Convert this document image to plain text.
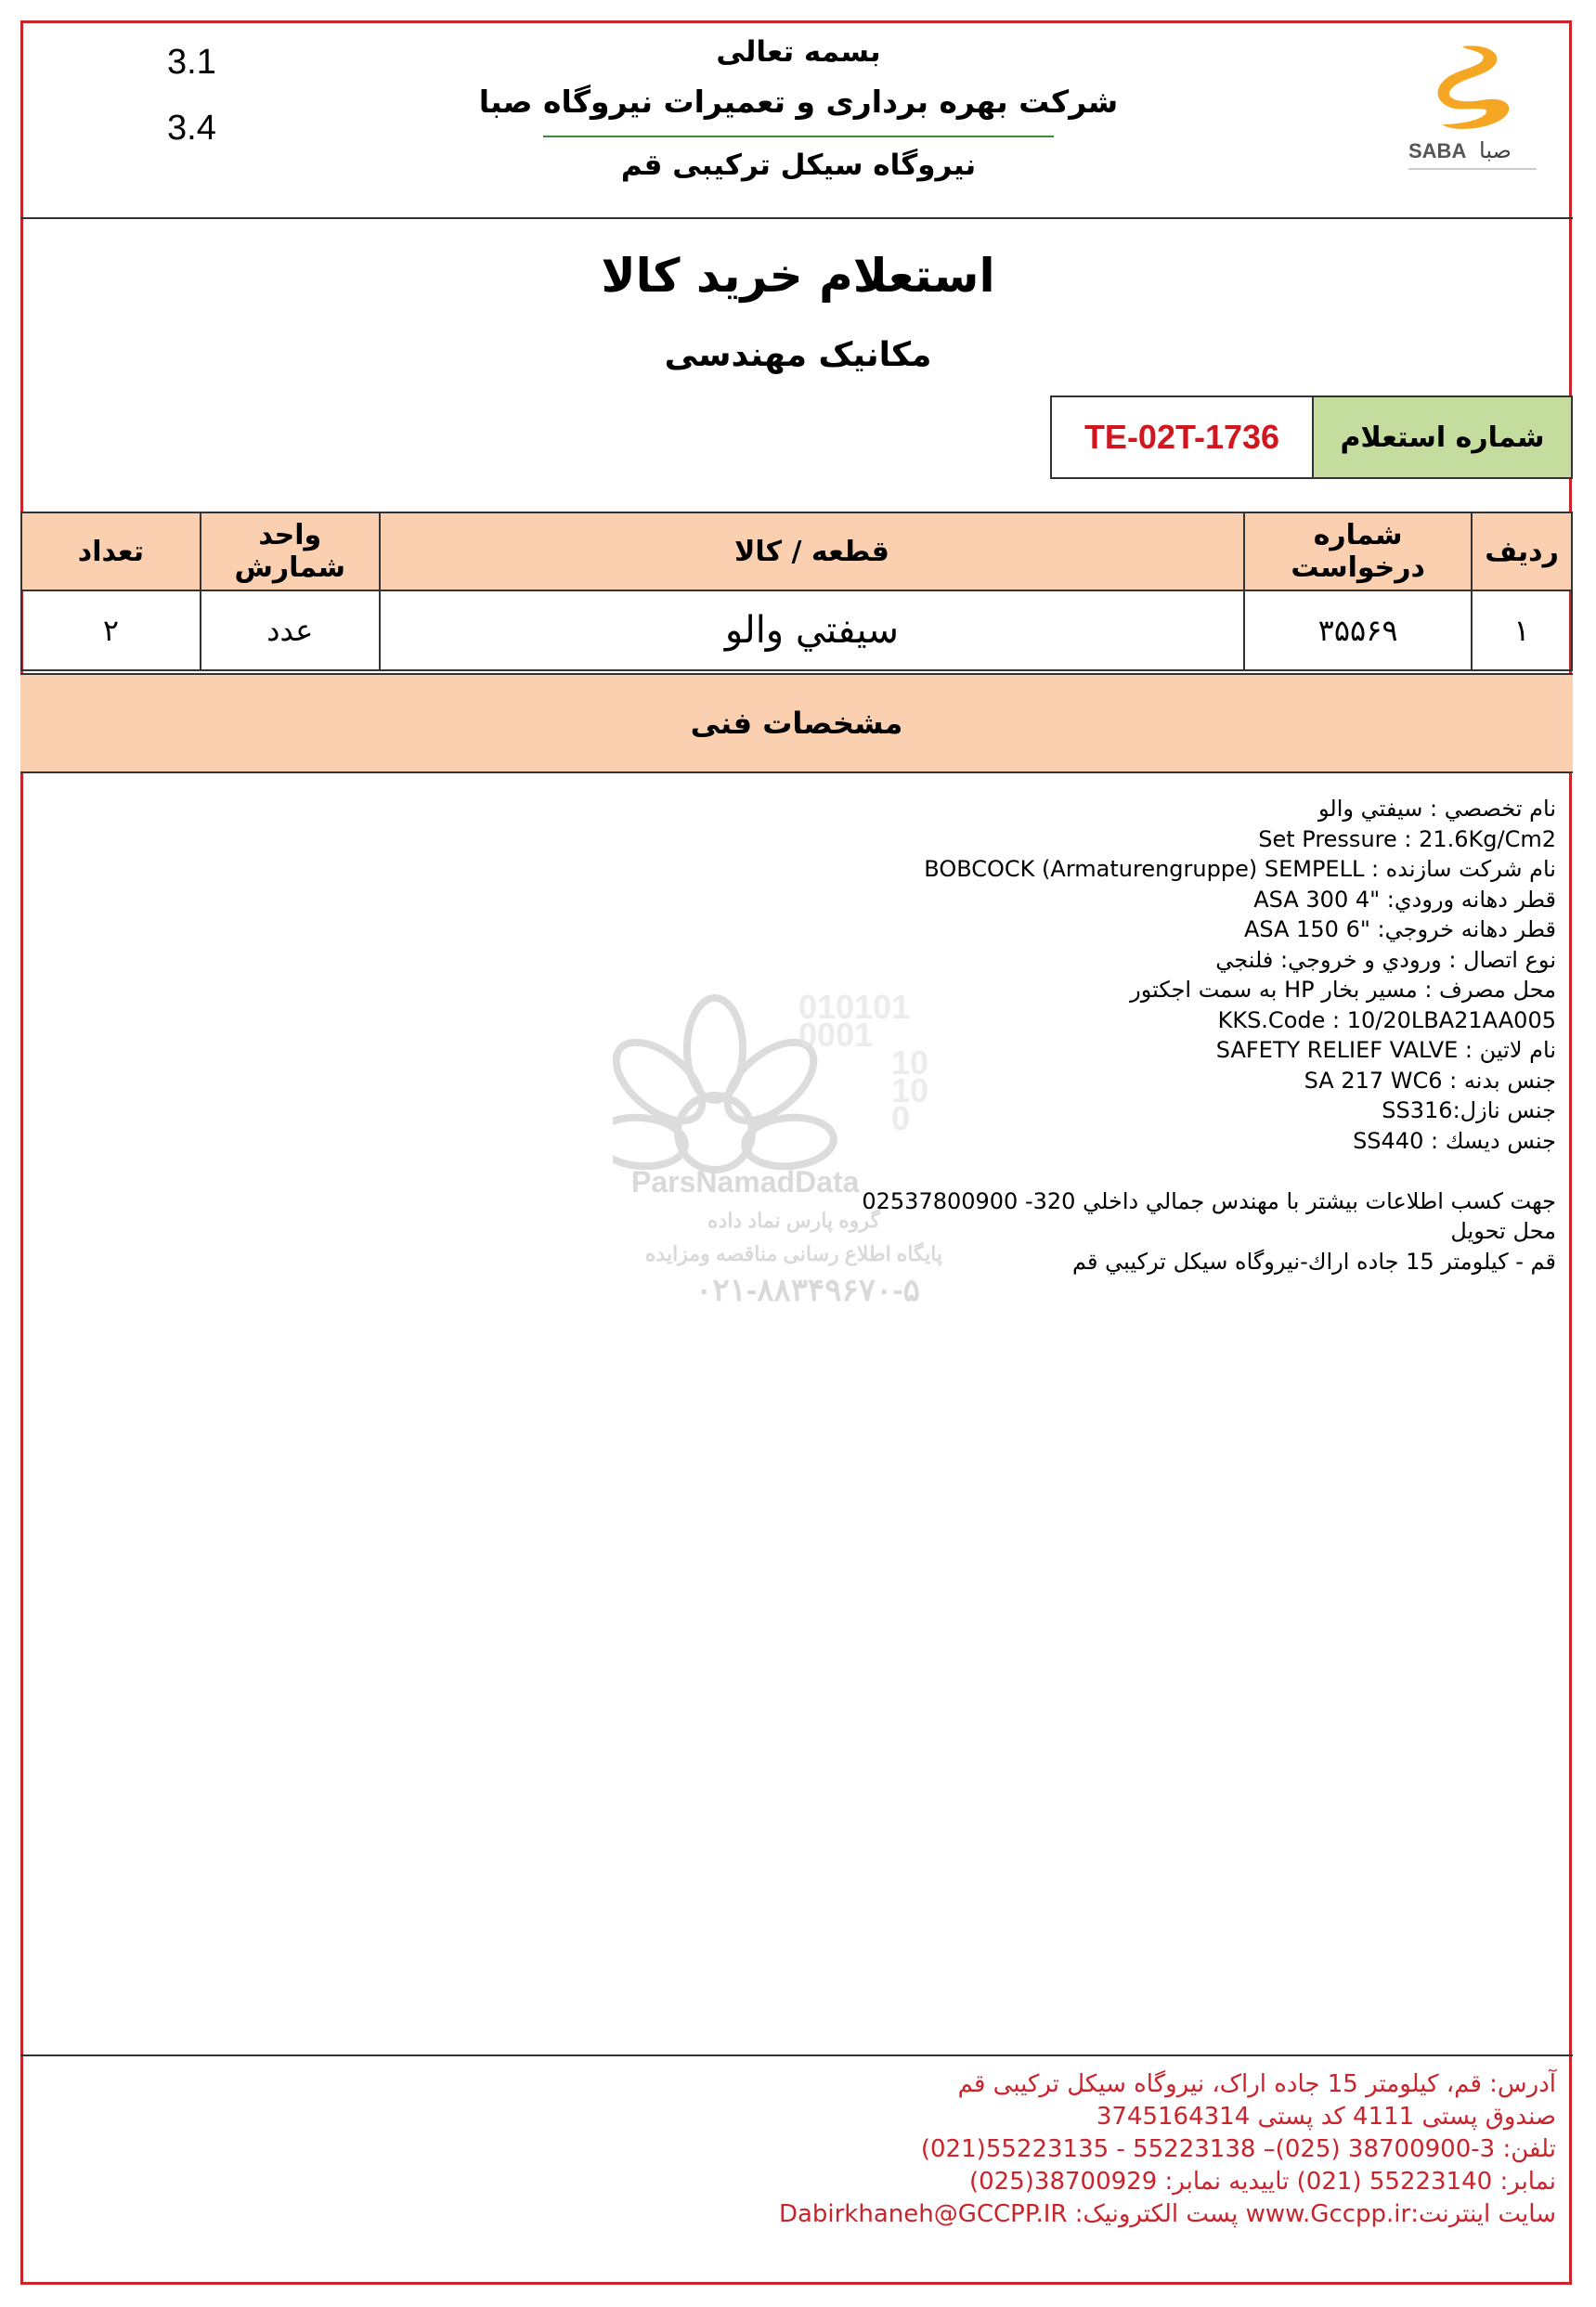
3.1
3.4
بسمه تعالی
شرکت بهره برداری و تعمیرات نیروگاه صبا
نیروگاه سیکل ترکیبی قم	SABA صبا
استعلام خرید کالا
مکانیک مهندسی
TE-02T-1736	شماره استعلام
ردیف	شماره درخواست	قطعه / کالا	واحد شمارش	تعداد
۱	۳۵۵۶۹	سیفتي والو	عدد	۲
مشخصات فنی
010101
0001
10
10
0
ParsNamadData
گروه پارس نماد داده
پایگاه اطلاع رسانی مناقصه ومزایده
۰۲۱-۸۸۳۴۹۶۷۰-۵
نام تخصصي : سيفتي والو
Set Pressure : 21.6Kg/Cm2
نام شركت سازنده : BOBCOCK (Armaturengruppe) SEMPELL
قطر دهانه ورودي: "4 ASA 300
قطر دهانه خروجي: "6 ASA 150
نوع اتصال : ورودي و خروجي: فلنجي
محل مصرف : مسير بخار HP به سمت اجكتور
KKS.Code : 10/20LBA21AA005
نام لاتين : SAFETY RELIEF VALVE
جنس بدنه : SA 217 WC6
جنس نازل:SS316
جنس ديسك : SS440
جهت كسب اطلاعات بيشتر با مهندس جمالي داخلي 320- 02537800900
محل تحويل
قم - كيلومتر 15 جاده اراك-نيروگاه سيكل تركيبي قم
آدرس: قم، کیلومتر 15 جاده اراک، نیروگاه سیکل ترکیبی قم
صندوق پستی 4111 کد پستی 3745164314
تلفن: 3-38700900 (025)– 55223138 - 55223135(021)
نمابر: 55223140 (021) تاییدیه نمابر: 38700929(025)
سایت اینترنت:www.Gccpp.ir پست الکترونیک: Dabirkhaneh@GCCPP.IR
